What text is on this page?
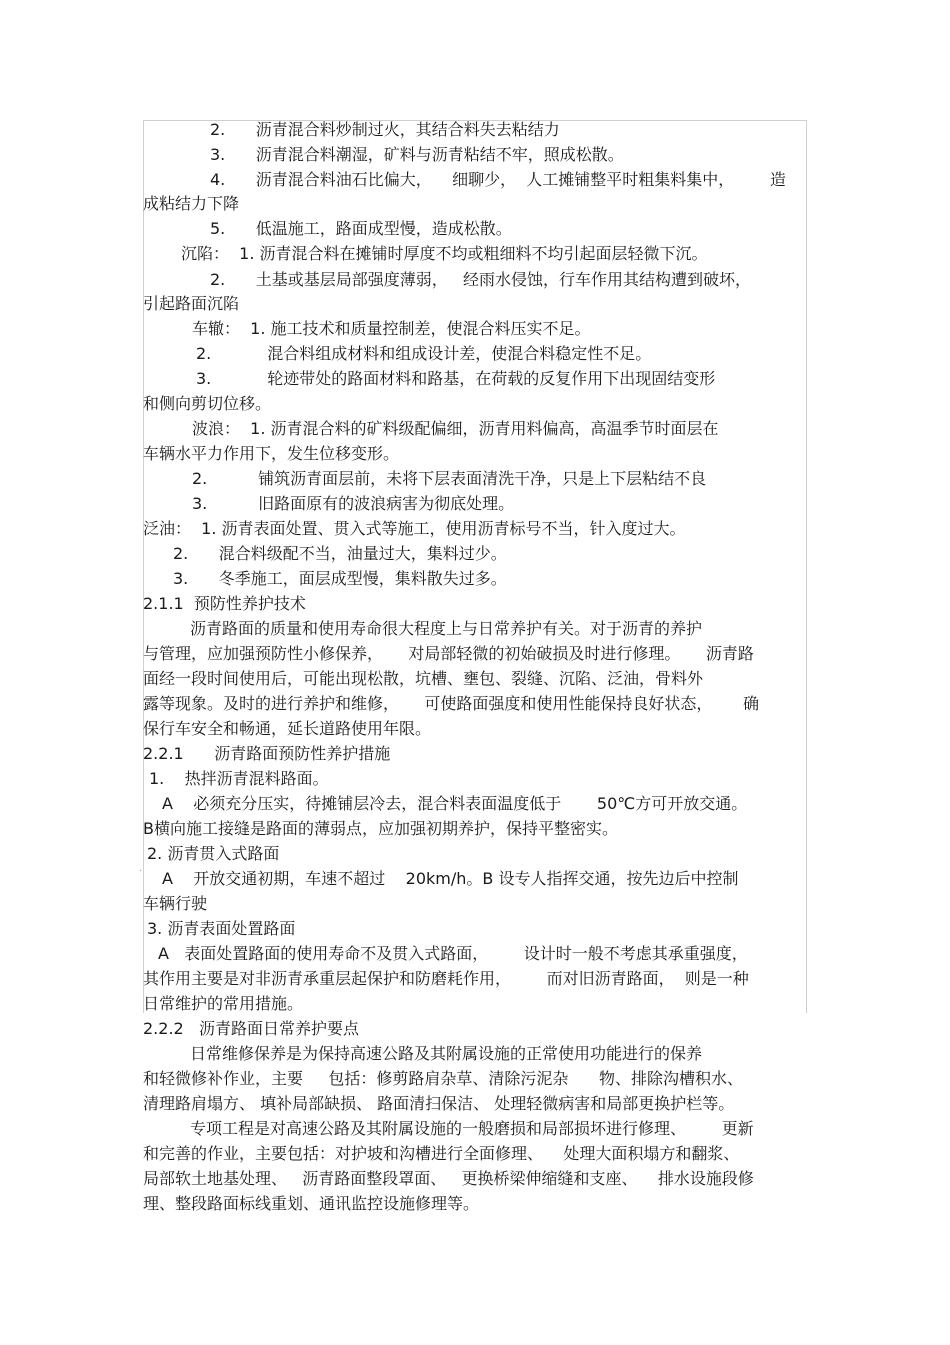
·
2.      沥青混合料炒制过火，其结合料失去粘结力
3.      沥青混合料潮湿，矿料与沥青粘结不牢，照成松散。
4.      沥青混合料油石比偏大，    细聊少，  人工摊铺整平时粗集料集中，       造
成粘结力下降
5.      低温施工，路面成型慢，造成松散。
沉陷：  1. 沥青混合料在摊铺时厚度不均或粗细料不均引起面层轻微下沉。
2.      土基或基层局部强度薄弱，   经雨水侵蚀，行车作用其结构遭到破坏，
引起路面沉陷
车辙：  1. 施工技术和质量控制差，使混合料压实不足。
2.           混合料组成材料和组成设计差，使混合料稳定性不足。
3.           轮迹带处的路面材料和路基，在荷载的反复作用下出现固结变形
和侧向剪切位移。
波浪：  1. 沥青混合料的矿料级配偏细，沥青用料偏高，高温季节时面层在
车辆水平力作用下，发生位移变形。
2.          铺筑沥青面层前，未将下层表面清洗干净，只是上下层粘结不良
3.          旧路面原有的波浪病害为彻底处理。
泛油：  1. 沥青表面处置、贯入式等施工，使用沥青标号不当，针入度过大。
2.      混合料级配不当，油量过大，集料过少。
3.      冬季施工，面层成型慢，集料散失过多。
2.1.1  预防性养护技术
沥青路面的质量和使用寿命很大程度上与日常养护有关。对于沥青的养护
与管理，应加强预防性小修保养，     对局部轻微的初始破损及时进行修理。     沥青路
面经一段时间使用后，可能出现松散，坑槽、壅包、裂缝、沉陷、泛油，骨料外
露等现象。及时的进行养护和维修，     可使路面强度和使用性能保持良好状态，      确
保行车安全和畅通，延长道路使用年限。
2.2.1      沥青路面预防性养护措施
1.    热拌沥青混料路面。
A    必须充分压实，待摊铺层冷去，混合料表面温度低于       50℃方可开放交通。
B横向施工接缝是路面的薄弱点，应加强初期养护，保持平整密实。
2. 沥青贯入式路面
A    开放交通初期，车速不超过    20km/h。B 设专人指挥交通，按先边后中控制
车辆行驶
3. 沥青表面处置路面
A   表面处置路面的使用寿命不及贯入式路面，       设计时一般不考虑其承重强度，
其作用主要是对非沥青承重层起保护和防磨耗作用，       而对旧沥青路面，  则是一种
日常维护的常用措施。
2.2.2   沥青路面日常养护要点
日常维修保养是为保持高速公路及其附属设施的正常使用功能进行的保养
和轻微修补作业，主要     包括：修剪路肩杂草、清除污泥杂      物、排除沟槽积水、
清理路肩塌方、 填补局部缺损、 路面清扫保洁、 处理轻微病害和局部更换护栏等。
专项工程是对高速公路及其附属设施的一般磨损和局部损坏进行修理、       更新
和完善的作业，主要包括：对护坡和沟槽进行全面修理、    处理大面积塌方和翻浆、
局部软土地基处理、   沥青路面整段罩面、   更换桥梁伸缩缝和支座、    排水设施段修
理、整段路面标线重划、通讯监控设施修理等。
